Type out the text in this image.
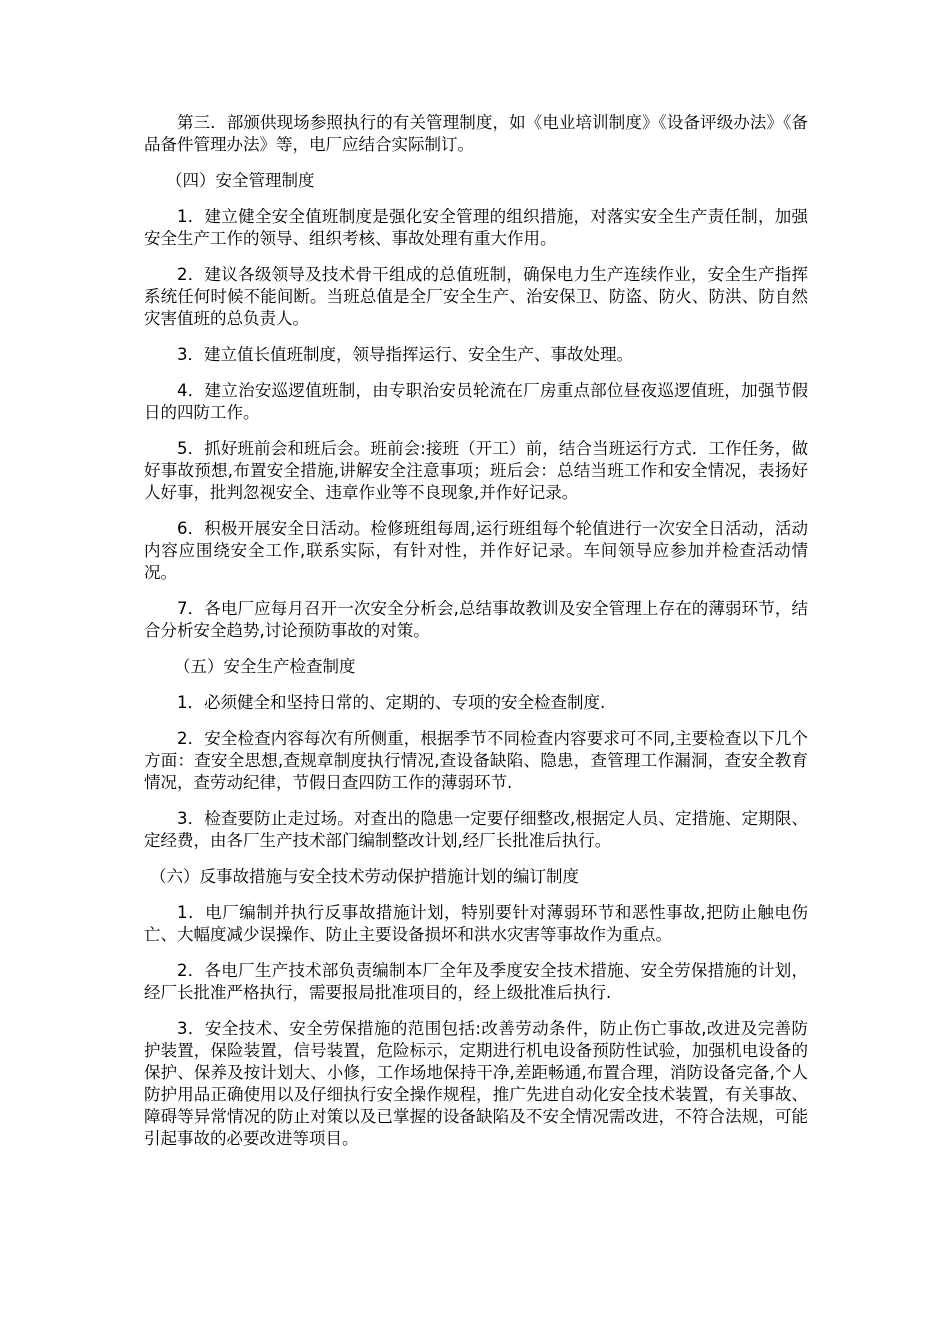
第三．部颁供现场参照执行的有关管理制度，如《电业培训制度》《设备评级办法》《备品备件管理办法》等，电厂应结合实际制订。

（四）安全管理制度

1．建立健全安全值班制度是强化安全管理的组织措施，对落实安全生产责任制，加强安全生产工作的领导、组织考核、事故处理有重大作用。

2．建议各级领导及技术骨干组成的总值班制，确保电力生产连续作业，安全生产指挥系统任何时候不能间断。当班总值是全厂安全生产、治安保卫、防盗、防火、防洪、防自然灾害值班的总负责人。

3．建立值长值班制度，领导指挥运行、安全生产、事故处理。

4．建立治安巡逻值班制，由专职治安员轮流在厂房重点部位昼夜巡逻值班，加强节假日的四防工作。

5．抓好班前会和班后会。班前会:接班（开工）前，结合当班运行方式．工作任务，做好事故预想,布置安全措施,讲解安全注意事项；班后会：总结当班工作和安全情况，表扬好人好事，批判忽视安全、违章作业等不良现象,并作好记录。

6．积极开展安全日活动。检修班组每周,运行班组每个轮值进行一次安全日活动，活动内容应围绕安全工作,联系实际，有针对性，并作好记录。车间领导应参加并检查活动情况。

7．各电厂应每月召开一次安全分析会,总结事故教训及安全管理上存在的薄弱环节，结合分析安全趋势,讨论预防事故的对策。

（五）安全生产检查制度

1．必须健全和坚持日常的、定期的、专项的安全检查制度.

2．安全检查内容每次有所侧重，根据季节不同检查内容要求可不同,主要检查以下几个方面：查安全思想,查规章制度执行情况,查设备缺陷、隐患，查管理工作漏洞，查安全教育情况，查劳动纪律，节假日查四防工作的薄弱环节.

3．检查要防止走过场。对查出的隐患一定要仔细整改,根据定人员、定措施、定期限、定经费，由各厂生产技术部门编制整改计划,经厂长批准后执行。

（六）反事故措施与安全技术劳动保护措施计划的编订制度

1．电厂编制并执行反事故措施计划，特别要针对薄弱环节和恶性事故,把防止触电伤亡、大幅度减少误操作、防止主要设备损坏和洪水灾害等事故作为重点。

2．各电厂生产技术部负责编制本厂全年及季度安全技术措施、安全劳保措施的计划，经厂长批准严格执行，需要报局批准项目的，经上级批准后执行.

3．安全技术、安全劳保措施的范围包括:改善劳动条件，防止伤亡事故,改进及完善防护装置，保险装置，信号装置，危险标示，定期进行机电设备预防性试验，加强机电设备的保护、保养及按计划大、小修，工作场地保持干净,差距畅通,布置合理，消防设备完备,个人防护用品正确使用以及仔细执行安全操作规程，推广先进自动化安全技术装置，有关事故、障碍等异常情况的防止对策以及已掌握的设备缺陷及不安全情况需改进，不符合法规，可能引起事故的必要改进等项目。
